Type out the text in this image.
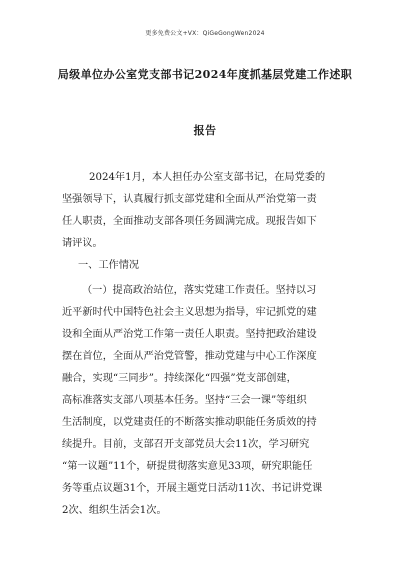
更多免费公文+VX：QiGeGongWen2024
局级单位办公室党支部书记2024年度抓基层党建工作述职
报告
2024年1月，本人担任办公室支部书记，在局党委的
坚强领导下，认真履行抓支部党建和全面从严治党第一责
任人职责，全面推动支部各项任务圆满完成。现报告如下
请评议。
一、工作情况
（一）提高政治站位，落实党建工作责任。坚持以习
近平新时代中国特色社会主义思想为指导，牢记抓党的建
设和全面从严治党工作第一责任人职责。坚持把政治建设
摆在首位，全面从严治党管警，推动党建与中心工作深度
融合，实现“三同步”。持续深化“四强”党支部创建，
高标准落实支部八项基本任务。坚持“三会一课”等组织
生活制度，以党建责任的不断落实推动职能任务质效的持
续提升。目前，支部召开支部党员大会11次，学习研究
“第一议题”11个，研提贯彻落实意见33项，研究职能任
务等重点议题31个，开展主题党日活动11次、书记讲党课
2次、组织生活会1次。
